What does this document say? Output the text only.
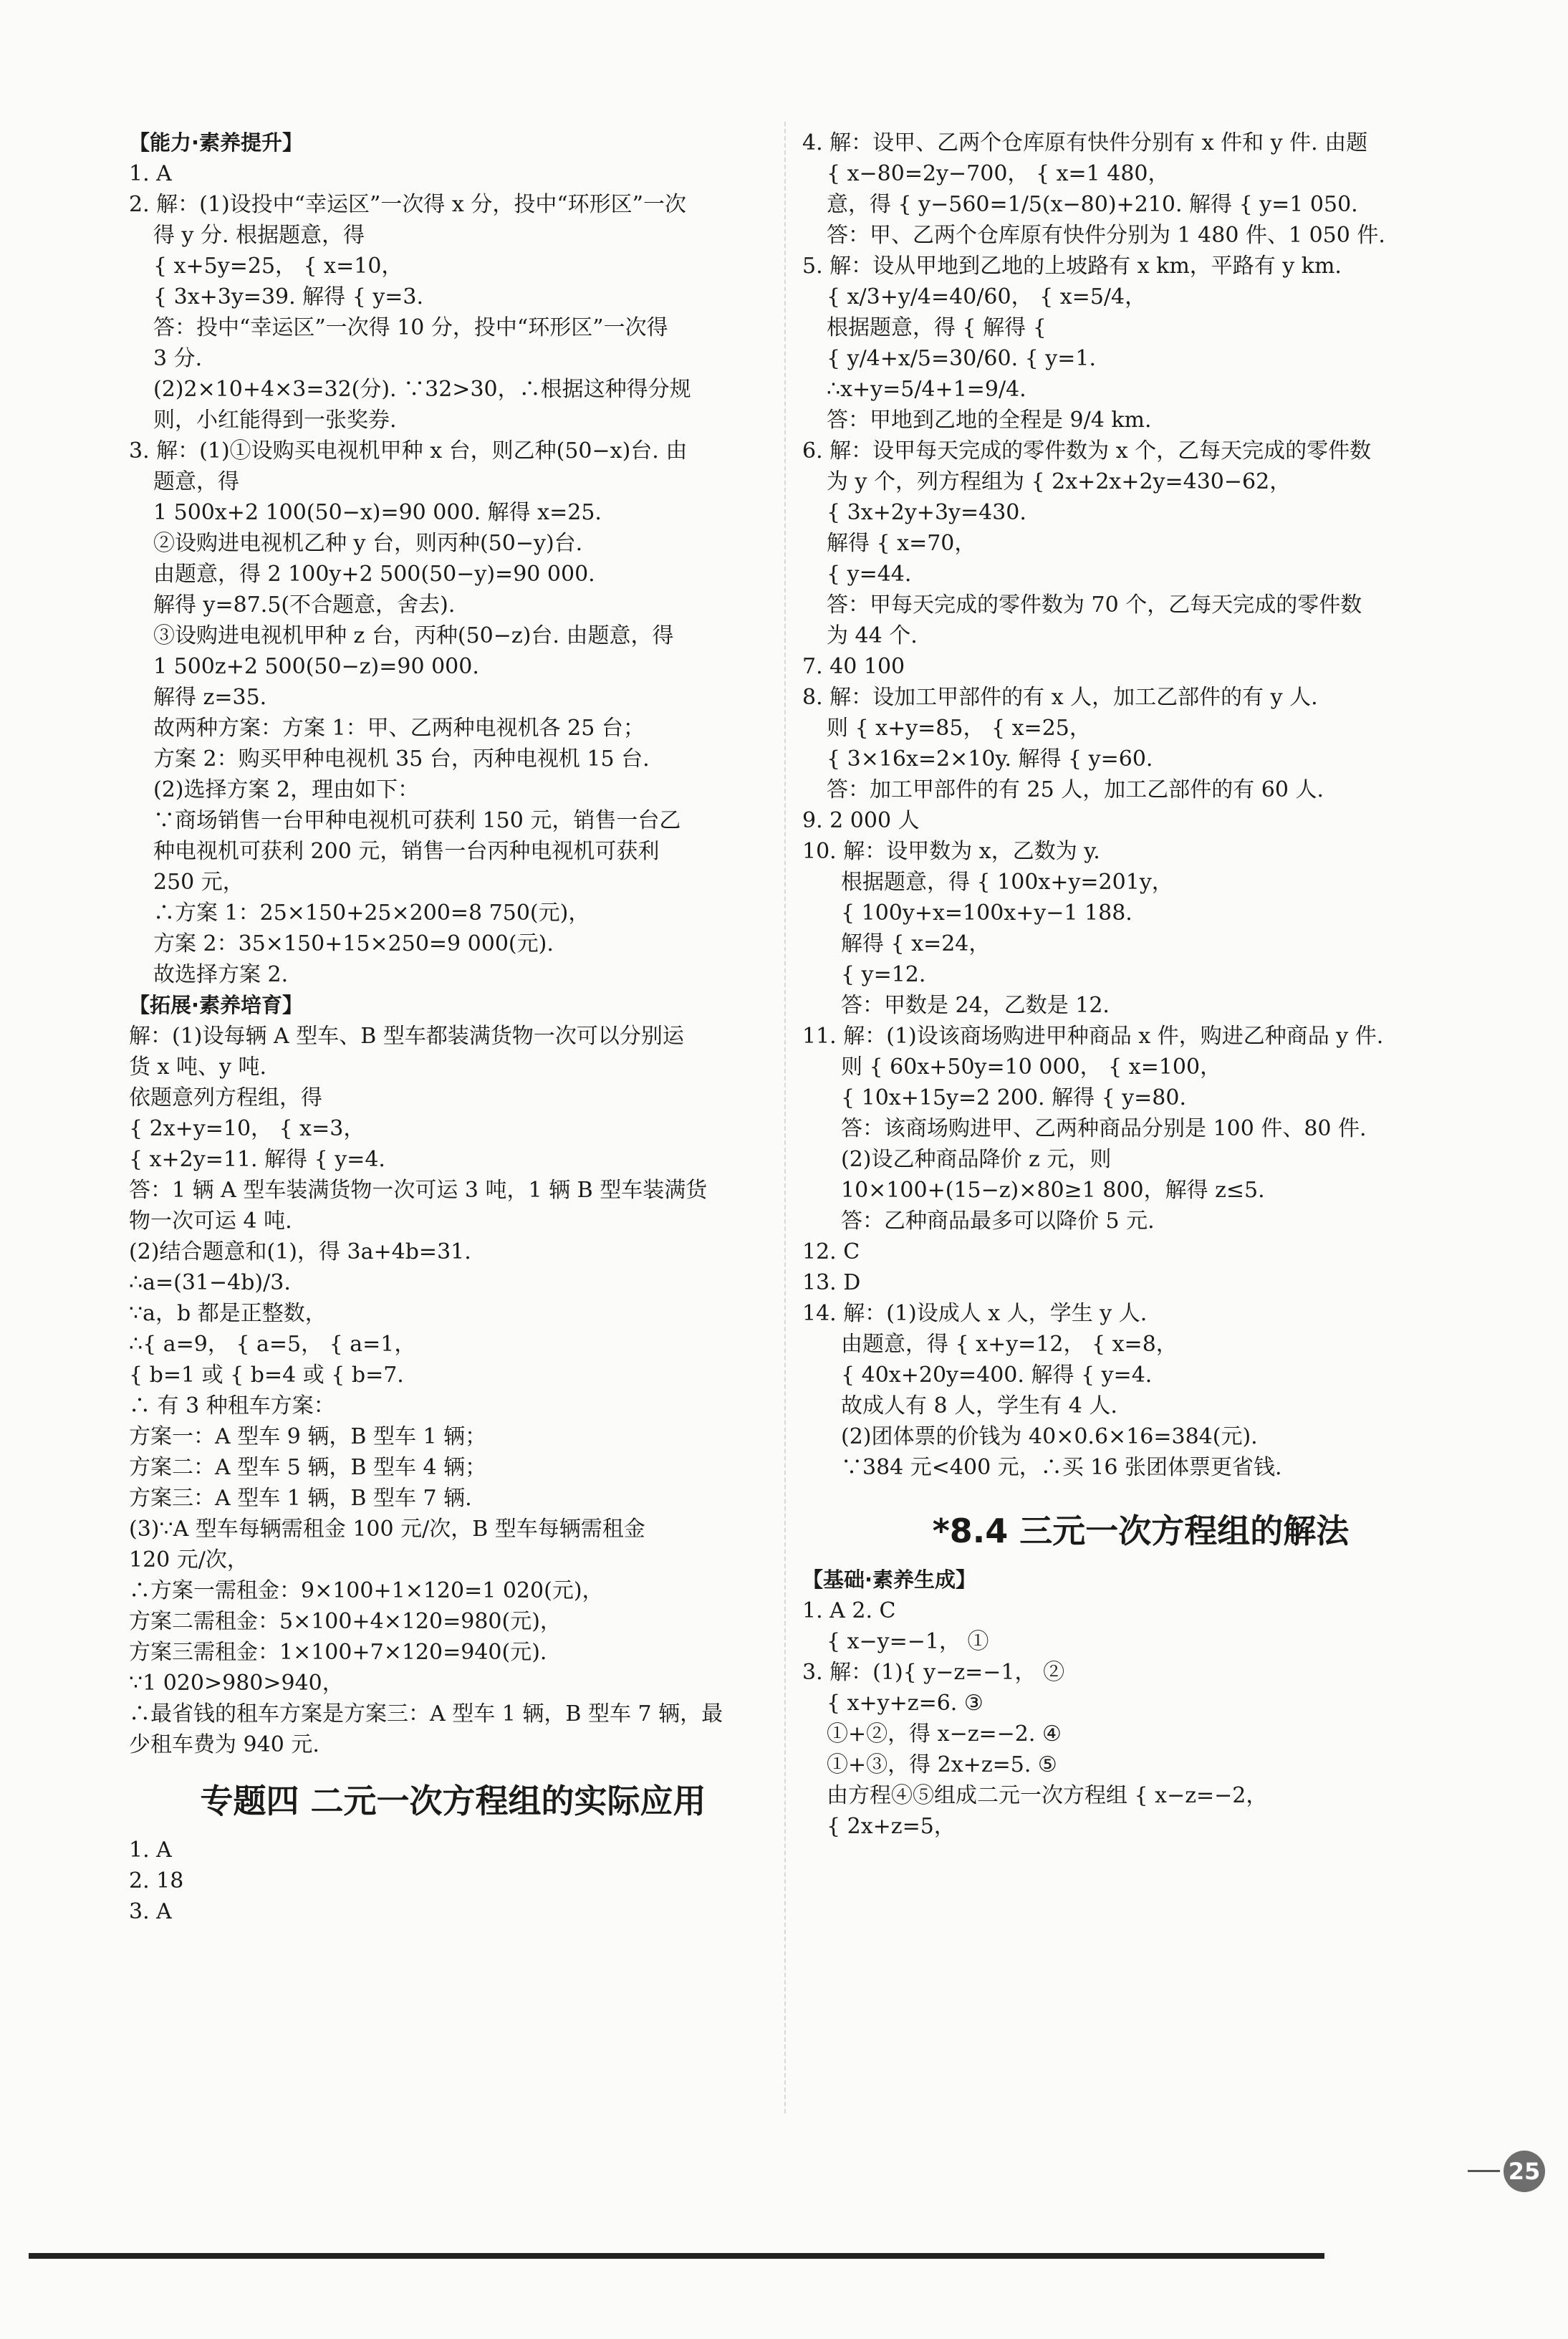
【能力·素养提升】
1. A
2. 解：(1)设投中“幸运区”一次得 x 分，投中“环形区”一次
得 y 分. 根据题意，得
{ x+5y=25， { x=10，
{ 3x+3y=39. 解得 { y=3.
答：投中“幸运区”一次得 10 分，投中“环形区”一次得
3 分.
(2)2×10+4×3=32(分). ∵32>30，∴根据这种得分规
则，小红能得到一张奖券.
3. 解：(1)①设购买电视机甲种 x 台，则乙种(50−x)台. 由
题意，得
1 500x+2 100(50−x)=90 000. 解得 x=25.
②设购进电视机乙种 y 台，则丙种(50−y)台.
由题意，得 2 100y+2 500(50−y)=90 000.
解得 y=87.5(不合题意，舍去).
③设购进电视机甲种 z 台，丙种(50−z)台. 由题意，得
1 500z+2 500(50−z)=90 000.
解得 z=35.
故两种方案：方案 1：甲、乙两种电视机各 25 台；
方案 2：购买甲种电视机 35 台，丙种电视机 15 台.
(2)选择方案 2，理由如下：
∵商场销售一台甲种电视机可获利 150 元，销售一台乙
种电视机可获利 200 元，销售一台丙种电视机可获利
250 元，
∴方案 1：25×150+25×200=8 750(元)，
方案 2：35×150+15×250=9 000(元).
故选择方案 2.
【拓展·素养培育】
解：(1)设每辆 A 型车、B 型车都装满货物一次可以分别运
货 x 吨、y 吨.
依题意列方程组，得
{ 2x+y=10， { x=3，
{ x+2y=11. 解得 { y=4.
答：1 辆 A 型车装满货物一次可运 3 吨，1 辆 B 型车装满货
物一次可运 4 吨.
(2)结合题意和(1)，得 3a+4b=31.
∴a=(31−4b)/3.
∵a，b 都是正整数，
∴{ a=9， { a=5， { a=1，
{ b=1 或 { b=4 或 { b=7.
∴ 有 3 种租车方案：
方案一：A 型车 9 辆，B 型车 1 辆；
方案二：A 型车 5 辆，B 型车 4 辆；
方案三：A 型车 1 辆，B 型车 7 辆.
(3)∵A 型车每辆需租金 100 元/次，B 型车每辆需租金
120 元/次，
∴方案一需租金：9×100+1×120=1 020(元)，
方案二需租金：5×100+4×120=980(元)，
方案三需租金：1×100+7×120=940(元).
∵1 020>980>940，
∴最省钱的租车方案是方案三：A 型车 1 辆，B 型车 7 辆，最
少租车费为 940 元.
专题四 二元一次方程组的实际应用
1. A
2. 18
3. A
4. 解：设甲、乙两个仓库原有快件分别有 x 件和 y 件. 由题
{ x−80=2y−700， { x=1 480，
意，得 { y−560=1/5(x−80)+210. 解得 { y=1 050.
答：甲、乙两个仓库原有快件分别为 1 480 件、1 050 件.
5. 解：设从甲地到乙地的上坡路有 x km，平路有 y km.
{ x/3+y/4=40/60， { x=5/4，
根据题意，得 { 解得 {
{ y/4+x/5=30/60. { y=1.
∴x+y=5/4+1=9/4.
答：甲地到乙地的全程是 9/4 km.
6. 解：设甲每天完成的零件数为 x 个，乙每天完成的零件数
为 y 个，列方程组为 { 2x+2x+2y=430−62，
{ 3x+2y+3y=430.
解得 { x=70，
{ y=44.
答：甲每天完成的零件数为 70 个，乙每天完成的零件数
为 44 个.
7. 40 100
8. 解：设加工甲部件的有 x 人，加工乙部件的有 y 人.
则 { x+y=85， { x=25，
{ 3×16x=2×10y. 解得 { y=60.
答：加工甲部件的有 25 人，加工乙部件的有 60 人.
9. 2 000 人
10. 解：设甲数为 x，乙数为 y.
根据题意，得 { 100x+y=201y，
{ 100y+x=100x+y−1 188.
解得 { x=24，
{ y=12.
答：甲数是 24，乙数是 12.
11. 解：(1)设该商场购进甲种商品 x 件，购进乙种商品 y 件.
则 { 60x+50y=10 000， { x=100，
{ 10x+15y=2 200. 解得 { y=80.
答：该商场购进甲、乙两种商品分别是 100 件、80 件.
(2)设乙种商品降价 z 元，则
10×100+(15−z)×80≥1 800，解得 z≤5.
答：乙种商品最多可以降价 5 元.
12. C
13. D
14. 解：(1)设成人 x 人，学生 y 人.
由题意，得 { x+y=12， { x=8，
{ 40x+20y=400. 解得 { y=4.
故成人有 8 人，学生有 4 人.
(2)团体票的价钱为 40×0.6×16=384(元).
∵384 元<400 元，∴买 16 张团体票更省钱.
*8.4 三元一次方程组的解法
【基础·素养生成】
1. A 2. C
{ x−y=−1， ①
3. 解：(1){ y−z=−1， ②
{ x+y+z=6. ③
①+②，得 x−z=−2. ④
①+③，得 2x+z=5. ⑤
由方程④⑤组成二元一次方程组 { x−z=−2，
{ 2x+z=5，
25
